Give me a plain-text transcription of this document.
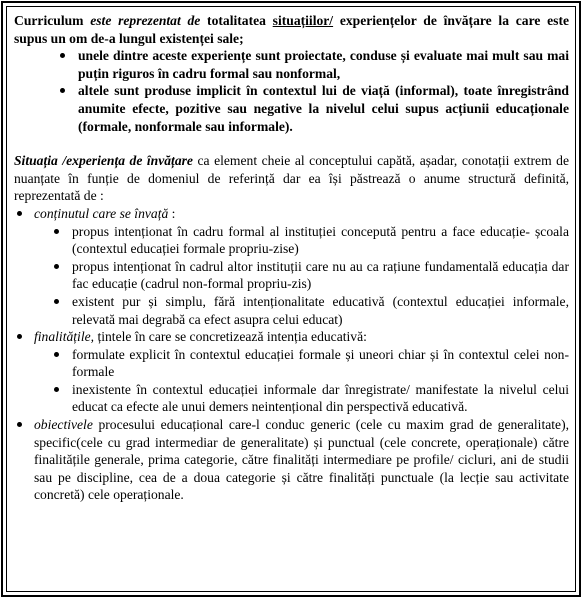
Curriculum este reprezentat de totalitatea situațiilor/ experiențelor de învățare la care este supus un om de-a lungul existenței sale;

unele dintre aceste experiențe sunt proiectate, conduse și evaluate mai mult sau mai puțin riguros în cadru formal sau nonformal,
altele sunt produse implicit în contextul lui de viață (informal), toate înregistrând anumite efecte, pozitive sau negative la nivelul celui supus acțiunii educaționale (formale, nonformale sau informale).

Situația /experiența de învățare ca element cheie al conceptului capătă, așadar, conotații extrem de nuanțate în funție de domeniul de referință dar ea își păstrează o anume structură definită, reprezentată de :

conținutul care se învață :
propus intenționat în cadru formal al instituției concepută pentru a face educație- școala (contextul educației formale propriu-zise)
propus intenționat în cadrul altor instituții care nu au ca rațiune fundamentală educația dar fac educație (cadrul non-formal propriu-zis)
existent pur și simplu, fără intenționalitate educativă (contextul educației informale, relevată mai degrabă ca efect asupra celui educat)
finalitățile, țintele în care se concretizează intenția educativă:
formulate explicit în contextul educației formale și uneori chiar și în contextul celei non-formale
inexistente în contextul educației informale dar înregistrate/ manifestate la nivelul celui educat ca efecte ale unui demers neintențional din perspectivă educativă.
obiectivele procesului educațional care-l conduc generic (cele cu maxim grad de generalitate), specific(cele cu grad intermediar de generalitate) și punctual (cele concrete, operaționale) către finalitățile generale, prima categorie, către finalități intermediare pe profile/ cicluri, ani de studii sau pe discipline, cea de a doua categorie și către finalități punctuale (la lecție sau activitate concretă) cele operaționale.
